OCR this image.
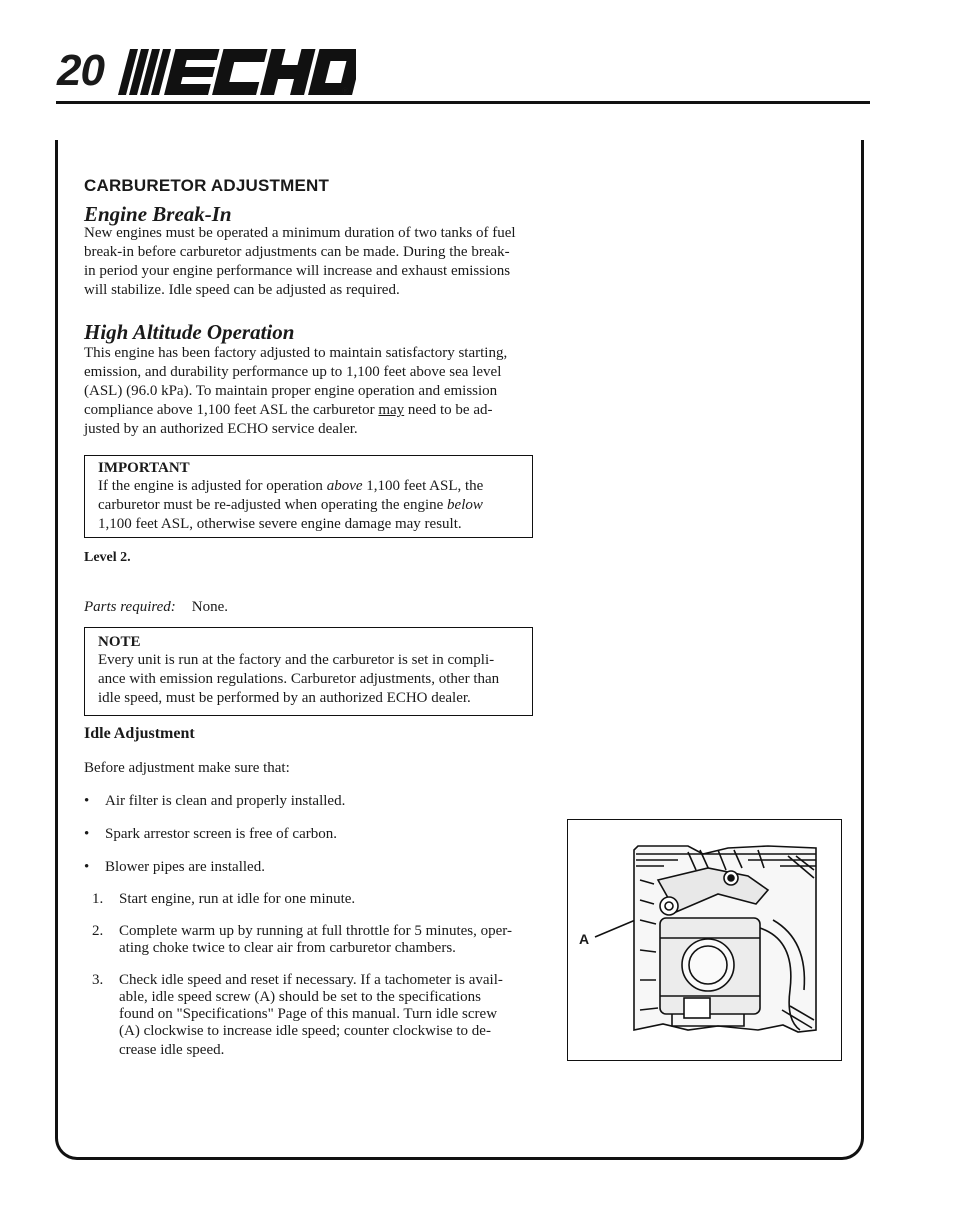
20	®
CARBURETOR ADJUSTMENT
Engine Break-In
New engines must be operated a minimum duration of two tanks of fuel
break-in before carburetor adjustments can be made. During the break-
in period your engine performance will increase and exhaust emissions
will stabilize. Idle speed can be adjusted as required.
High Altitude Operation
This engine has been factory adjusted to maintain satisfactory starting,
emission, and durability performance up to 1,100 feet above sea level
(ASL) (96.0 kPa). To maintain proper engine operation and emission
compliance above 1,100 feet ASL the carburetor may need to be ad-
justed by an authorized ECHO service dealer.
IMPORTANT
If the engine is adjusted for operation above 1,100 feet ASL, the
carburetor must be re-adjusted when operating the engine below
1,100 feet ASL, otherwise severe engine damage may result.
Level 2.
Parts required: None.
NOTE
Every unit is run at the factory and the carburetor is set in compli-
ance with emission regulations. Carburetor adjustments, other than
idle speed, must be performed by an authorized ECHO dealer.
Idle Adjustment
Before adjustment make sure that:
• Air filter is clean and properly installed.
• Spark arrestor screen is free of carbon.
• Blower pipes are installed.
1. Start engine, run at idle for one minute.
2. Complete warm up by running at full throttle for 5 minutes, oper-
ating choke twice to clear air from carburetor chambers.
3. Check idle speed and reset if necessary. If a tachometer is avail-
able, idle speed screw (A) should be set to the specifications
found on "Specifications" Page of this manual. Turn idle screw
(A) clockwise to increase idle speed; counter clockwise to de-
crease idle speed.
A
